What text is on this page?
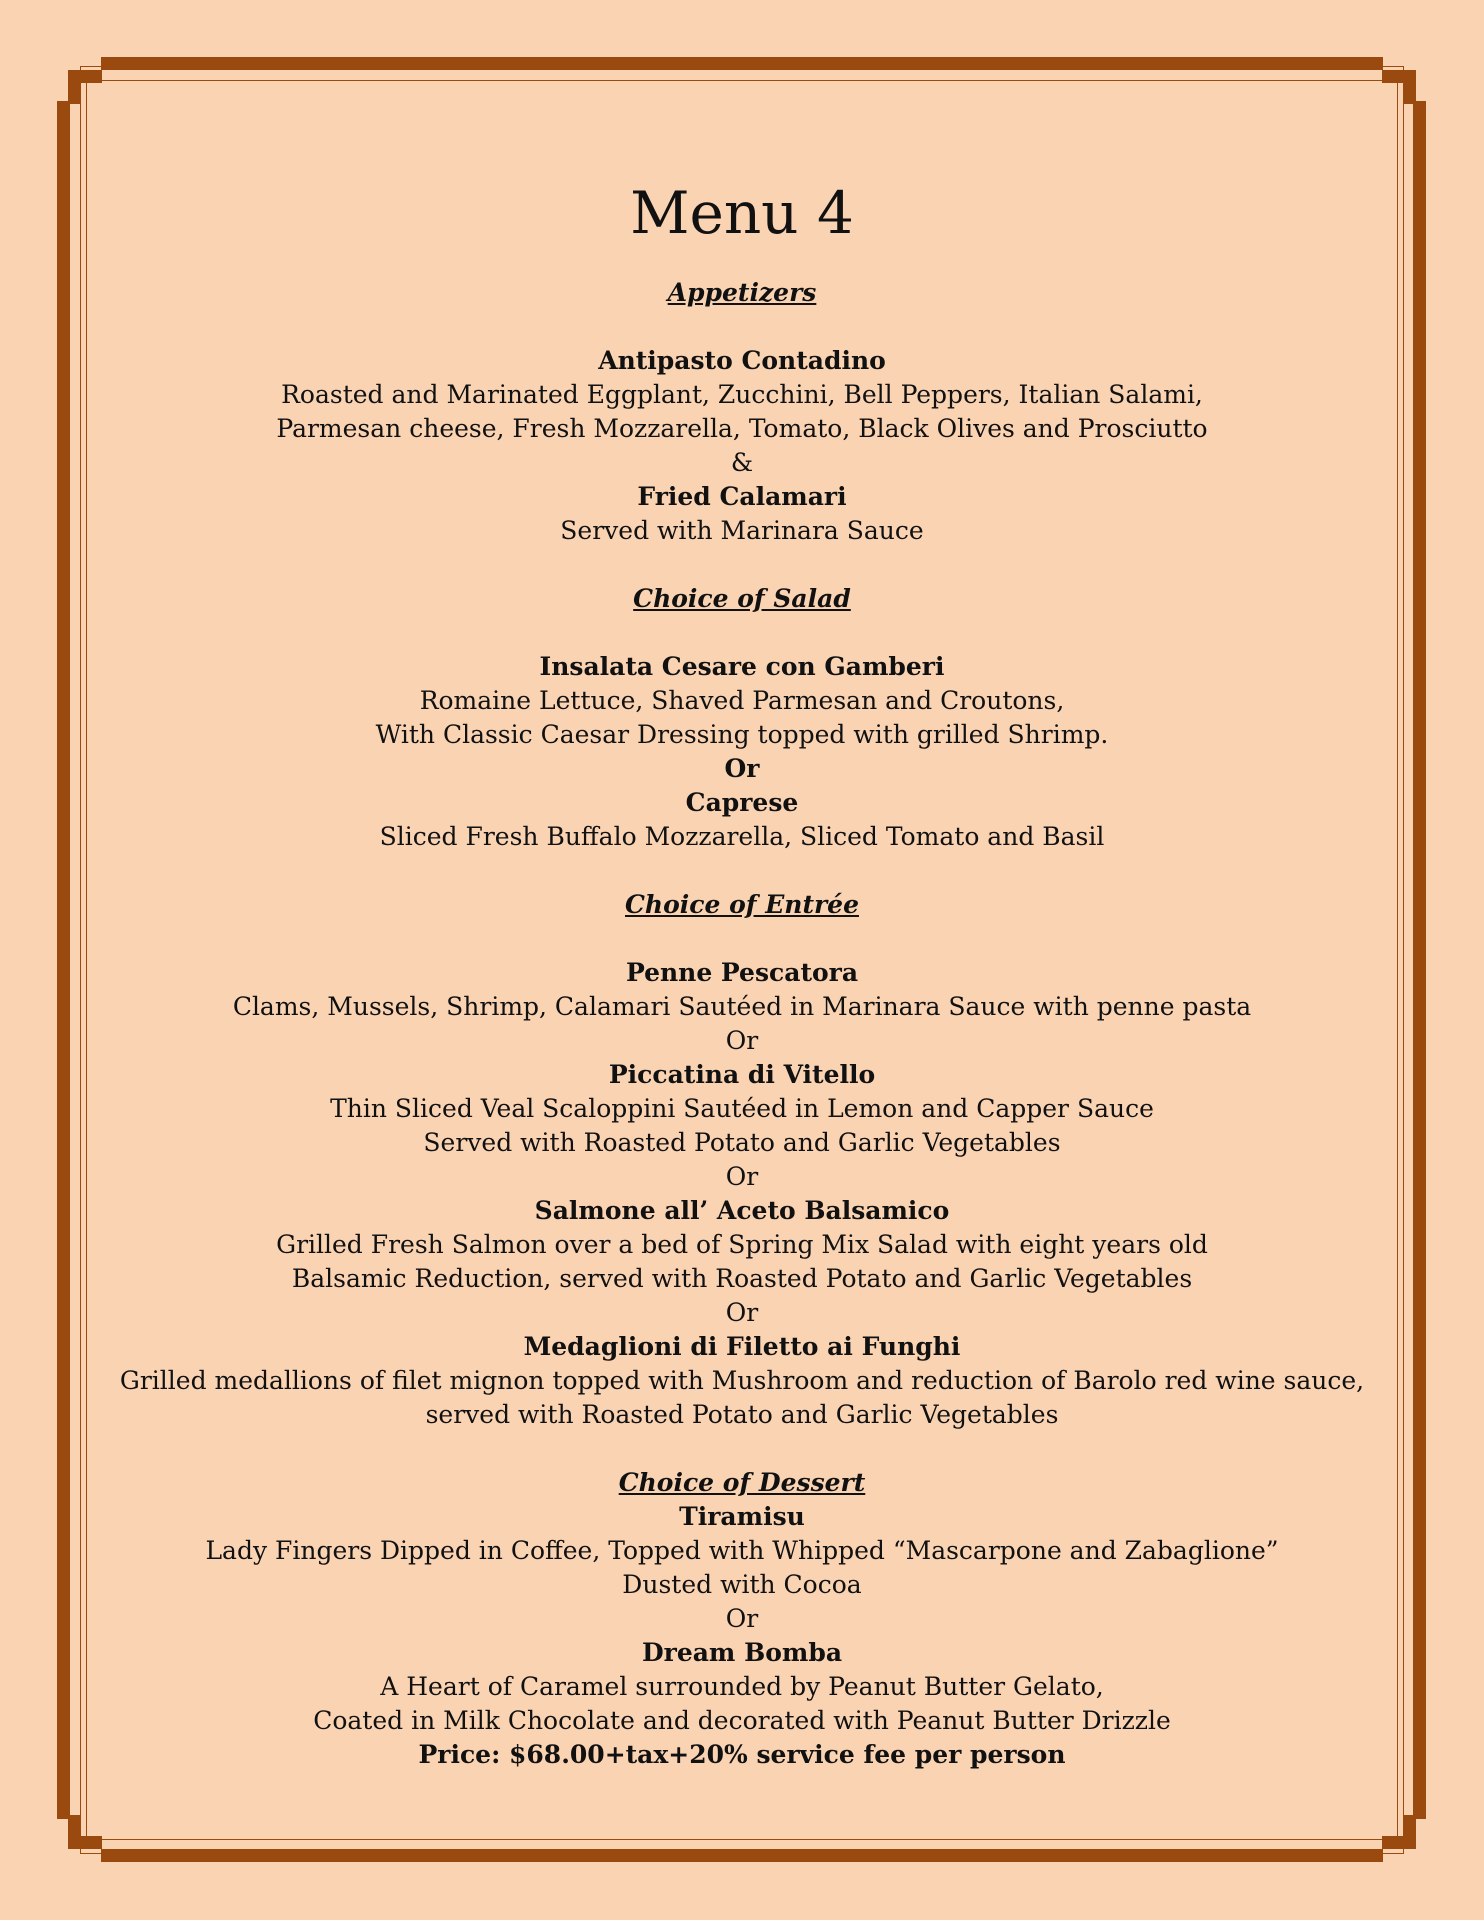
Menu 4
Appetizers
Antipasto Contadino
Roasted and Marinated Eggplant, Zucchini, Bell Peppers, Italian Salami,
Parmesan cheese, Fresh Mozzarella, Tomato, Black Olives and Prosciutto
&
Fried Calamari
Served with Marinara Sauce
Choice of Salad
Insalata Cesare con Gamberi
Romaine Lettuce, Shaved Parmesan and Croutons,
With Classic Caesar Dressing topped with grilled Shrimp.
Or
Caprese
Sliced Fresh Buffalo Mozzarella, Sliced Tomato and Basil
Choice of Entrée
Penne Pescatora
Clams, Mussels, Shrimp, Calamari Sautéed in Marinara Sauce with penne pasta
Or
Piccatina di Vitello
Thin Sliced Veal Scaloppini Sautéed in Lemon and Capper Sauce
Served with Roasted Potato and Garlic Vegetables
Or
Salmone all’ Aceto Balsamico
Grilled Fresh Salmon over a bed of Spring Mix Salad with eight years old
Balsamic Reduction, served with Roasted Potato and Garlic Vegetables
Or
Medaglioni di Filetto ai Funghi
Grilled medallions of filet mignon topped with Mushroom and reduction of Barolo red wine sauce,
served with Roasted Potato and Garlic Vegetables
Choice of Dessert
Tiramisu
Lady Fingers Dipped in Coffee, Topped with Whipped “Mascarpone and Zabaglione”
Dusted with Cocoa
Or
Dream Bomba
A Heart of Caramel surrounded by Peanut Butter Gelato,
Coated in Milk Chocolate and decorated with Peanut Butter Drizzle
Price: $68.00+tax+20% service fee per person
